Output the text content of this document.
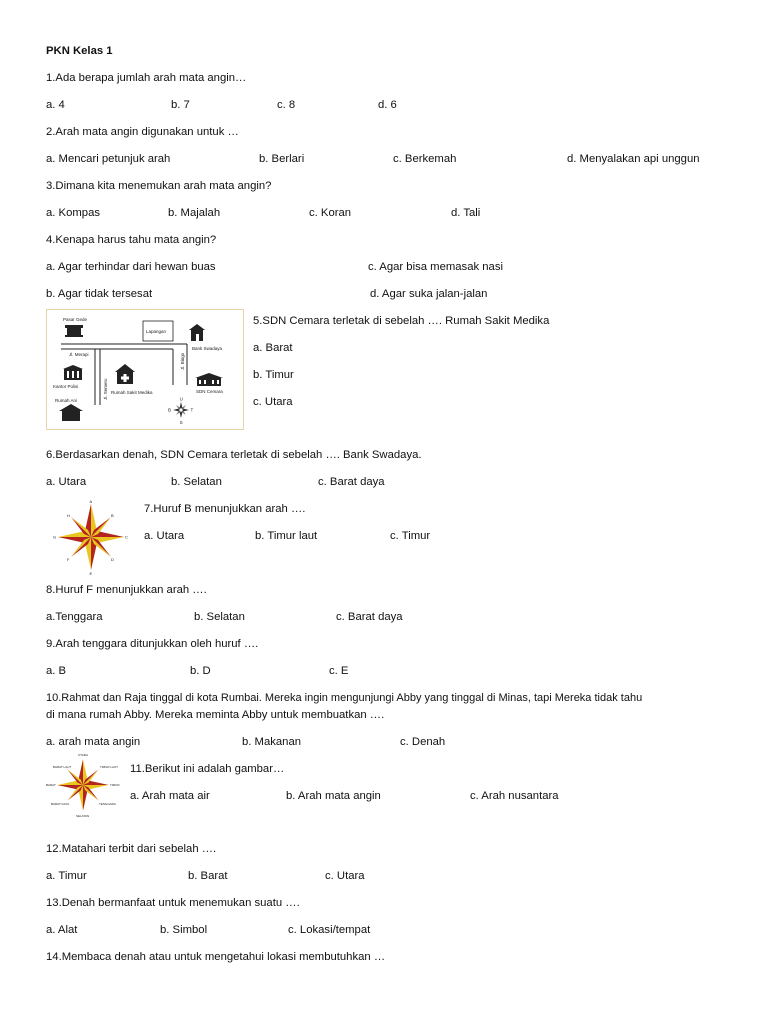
PKN Kelas 1
1.Ada berapa jumlah arah mata angin…
a. 4	b. 7	c. 8	d. 6
2.Arah mata angin digunakan untuk …
a. Mencari petunjuk arah	b. Berlari	c. Berkemah	d. Menyalakan api unggun
3.Dimana kita menemukan arah mata angin?
a. Kompas	b. Majalah	c. Koran	d. Tali
4.Kenapa harus tahu mata angin?
a. Agar terhindar dari hewan buas	c. Agar bisa memasak nasi
b. Agar tidak tersesat	d. Agar suka jalan-jalan
Lapangan
Pasar Gede
Bank Swadaya
Jl. Merapi	Jl. Bingo
Jl. Semeru
Kantor Polisi
Rumah Sakit Medika	SDN Cemara
Rumah Ani	U
S
B	T
5.SDN Cemara terletak di sebelah …. Rumah Sakit Medika
a. Barat
b. Timur
c. Utara
6.Berdasarkan denah, SDN Cemara terletak di sebelah …. Bank Swadaya.
a. Utara	b. Selatan	c. Barat daya
A
B
C
D
E
F
G
H
7.Huruf B menunjukkan arah ….
a. Utara	b. Timur laut	c. Timur
8.Huruf F menunjukkan arah ….
a.Tenggara	b. Selatan	c. Barat daya
9.Arah tenggara ditunjukkan oleh huruf ….
a. B	b. D	c. E
10.Rahmat dan Raja tinggal di kota Rumbai. Mereka ingin mengunjungi Abby yang tinggal di Minas, tapi Mereka tidak tahu
di mana rumah Abby. Mereka meminta Abby untuk membuatkan ….
a. arah mata angin	b. Makanan	c. Denah
UTARA
SELATAN
BARAT	TIMUR
BARAT LAUT	TIMUR LAUT
BARAT DAYA	TENGGARA
11.Berikut ini adalah gambar…
a. Arah mata air	b. Arah mata angin	c. Arah nusantara
12.Matahari terbit dari sebelah ….
a. Timur	b. Barat	c. Utara
13.Denah bermanfaat untuk menemukan suatu ….
a. Alat	b. Simbol	c. Lokasi/tempat
14.Membaca denah atau untuk mengetahui lokasi membutuhkan …
